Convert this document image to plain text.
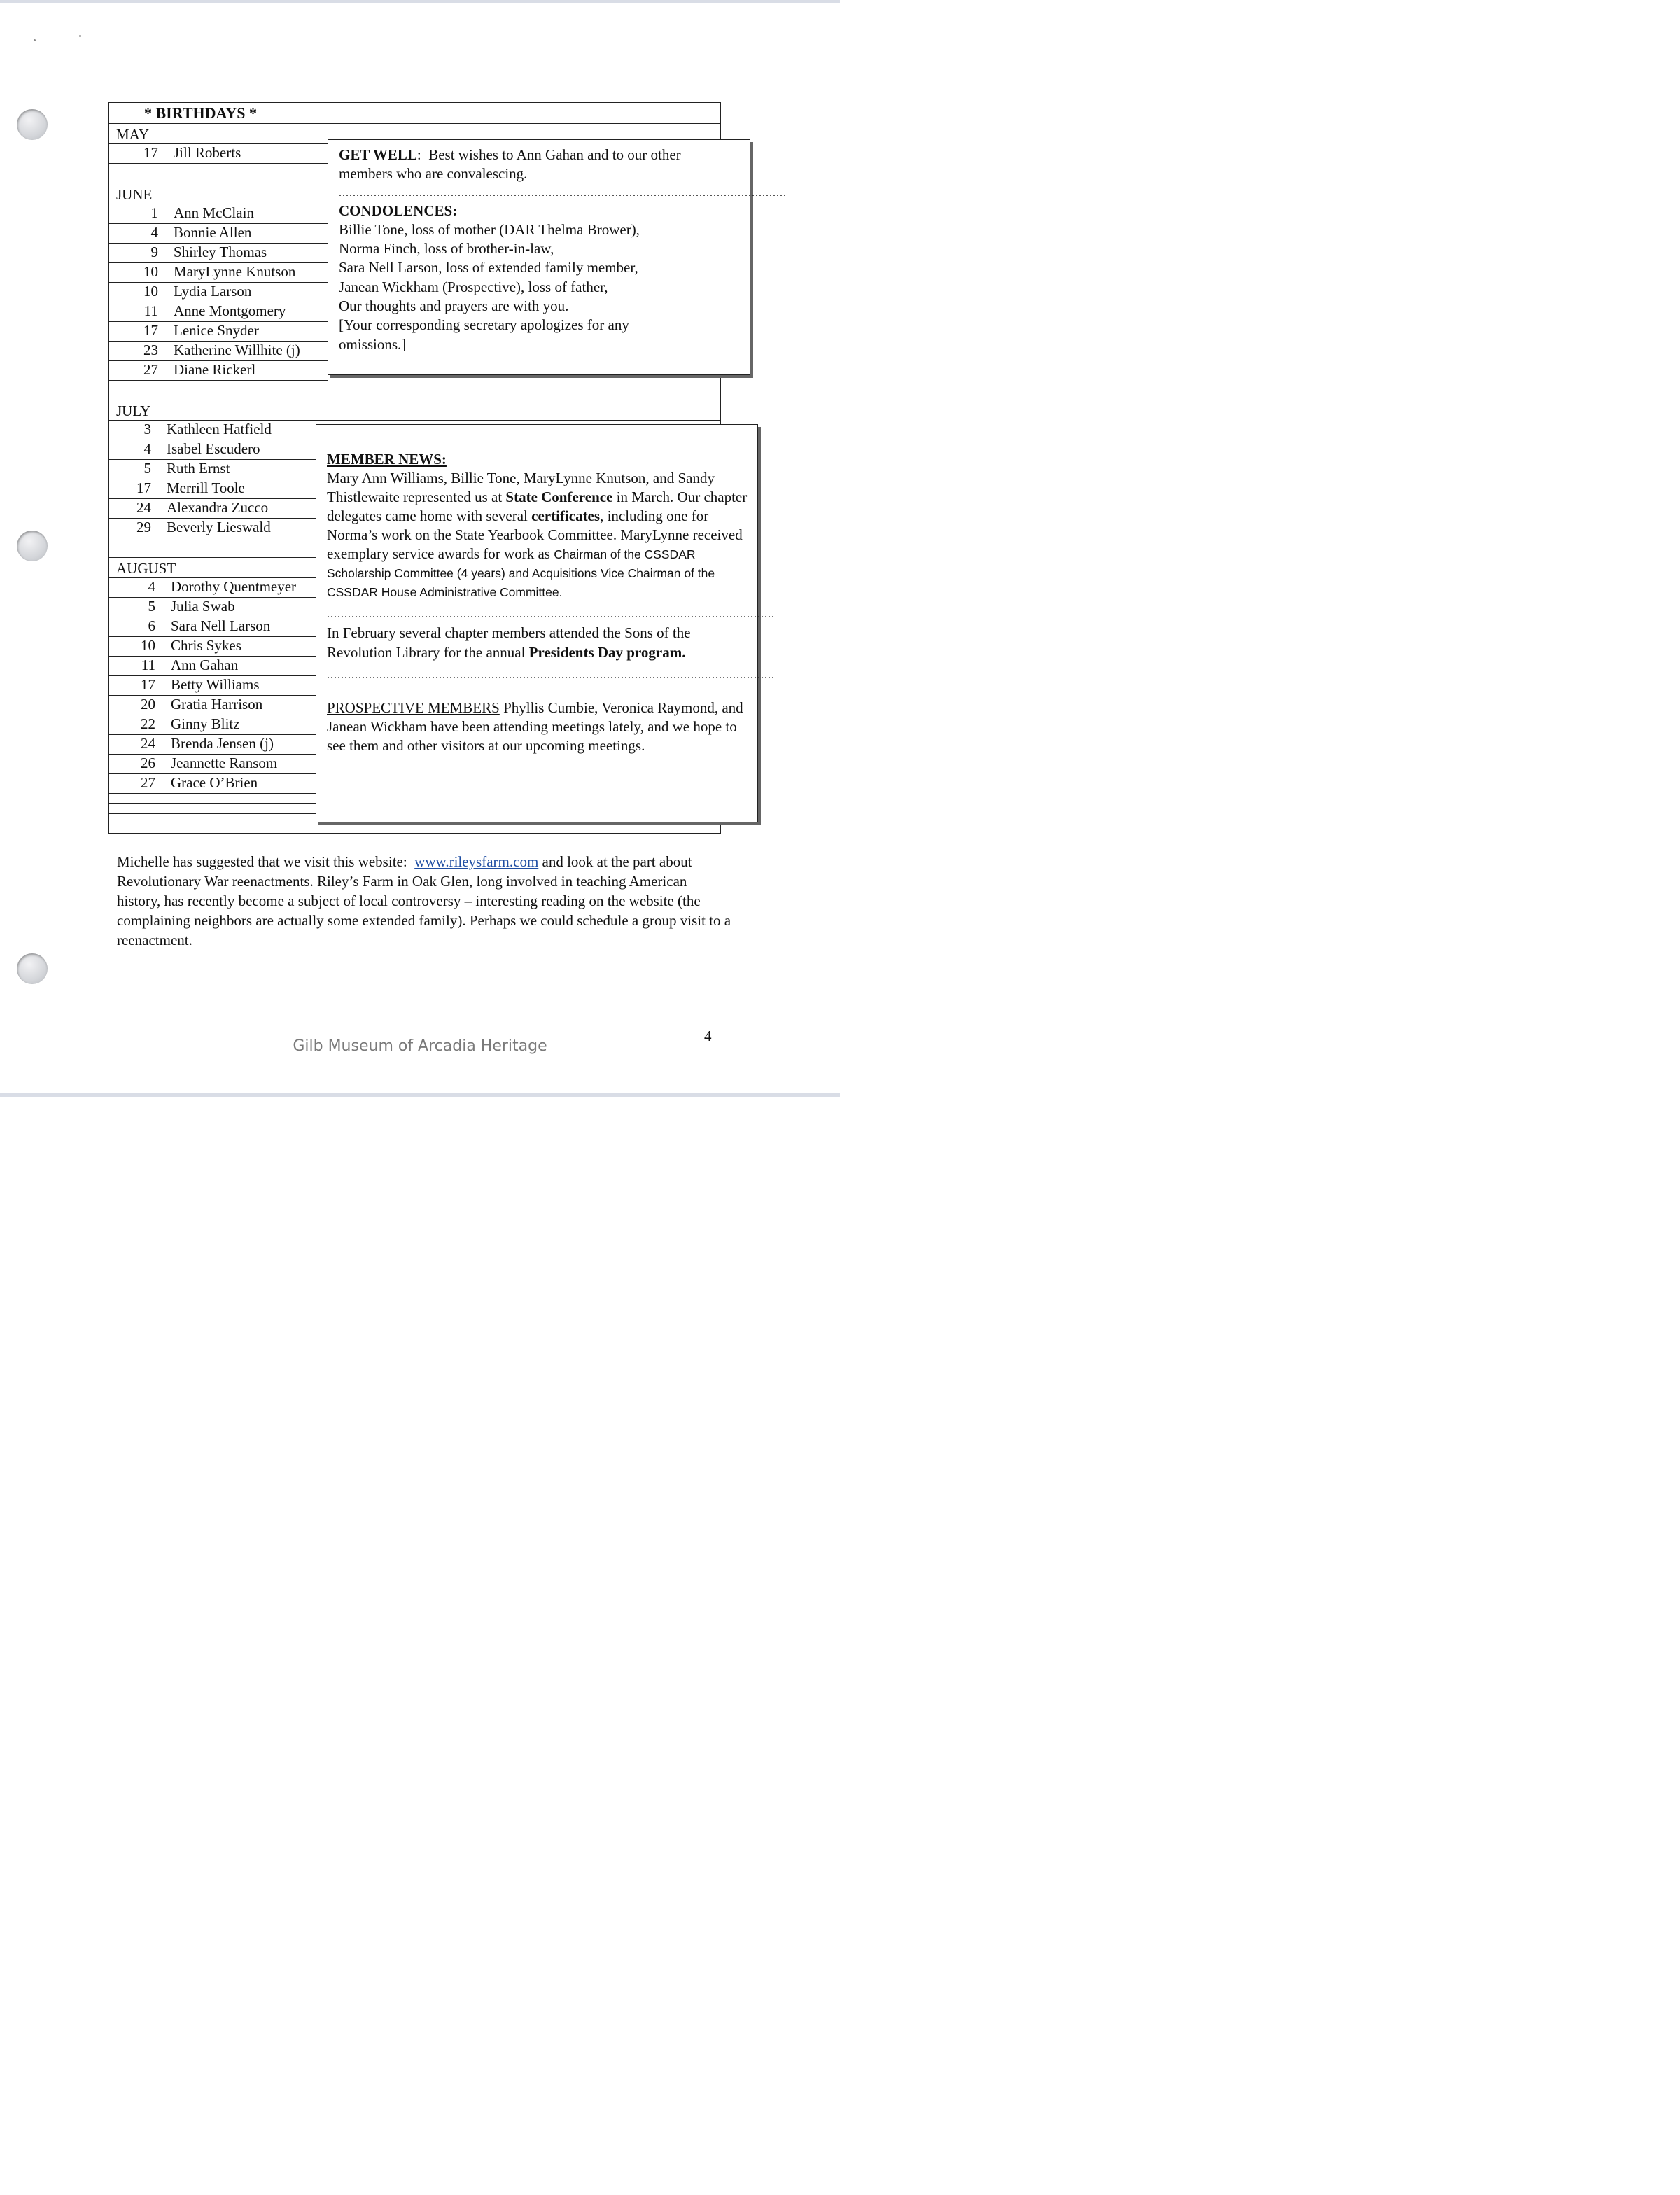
* BIRTHDAYS *
MAY
17 Jill Roberts
JUNE
1 Ann McClain
4 Bonnie Allen
9 Shirley Thomas
10 MaryLynne Knutson
10 Lydia Larson
11 Anne Montgomery
17 Lenice Snyder
23 Katherine Willhite (j)
27 Diane Rickerl
JULY
3 Kathleen Hatfield
4 Isabel Escudero
5 Ruth Ernst
17 Merrill Toole
24 Alexandra Zucco
29 Beverly Lieswald
AUGUST
4 Dorothy Quentmeyer
5 Julia Swab
6 Sara Nell Larson
10 Chris Sykes
11 Ann Gahan
17 Betty Williams
20 Gratia Harrison
22 Ginny Blitz
24 Brenda Jensen (j)
26 Jeannette Ransom
27 Grace O’Brien

GET WELL:  Best wishes to Ann Gahan and to our other

members who are convalescing.

................................................................................................................................

CONDOLENCES:

Billie Tone, loss of mother (DAR Thelma Brower),

Norma Finch, loss of brother-in-law,

Sara Nell Larson, loss of extended family member,

Janean Wickham (Prospective), loss of father,

Our thoughts and prayers are with you.

[Your corresponding secretary apologizes for any

omissions.]

MEMBER NEWS:

Mary Ann Williams, Billie Tone, MaryLynne Knutson, and Sandy Thistlewaite represented us at State Conference in March. Our chapter delegates came home with several certificates, including one for Norma’s work on the State Yearbook Committee. MaryLynne received exemplary service awards for work as Chairman of the CSSDAR Scholarship Committee (4 years) and Acquisitions Vice Chairman of the CSSDAR House Administrative Committee.

................................................................................................................................

In February several chapter members attended the Sons of the Revolution Library for the annual Presidents Day program.

................................................................................................................................

PROSPECTIVE MEMBERS Phyllis Cumbie, Veronica Raymond, and Janean Wickham have been attending meetings lately, and we hope to see them and other visitors at our upcoming meetings.

Michelle has suggested that we visit this website:  www.rileysfarm.com and look at the part about Revolutionary War reenactments. Riley’s Farm in Oak Glen, long involved in teaching American history, has recently become a subject of local controversy – interesting reading on the website (the complaining neighbors are actually some extended family). Perhaps we could schedule a group visit to a reenactment.

4
Gilb Museum of Arcadia Heritage
